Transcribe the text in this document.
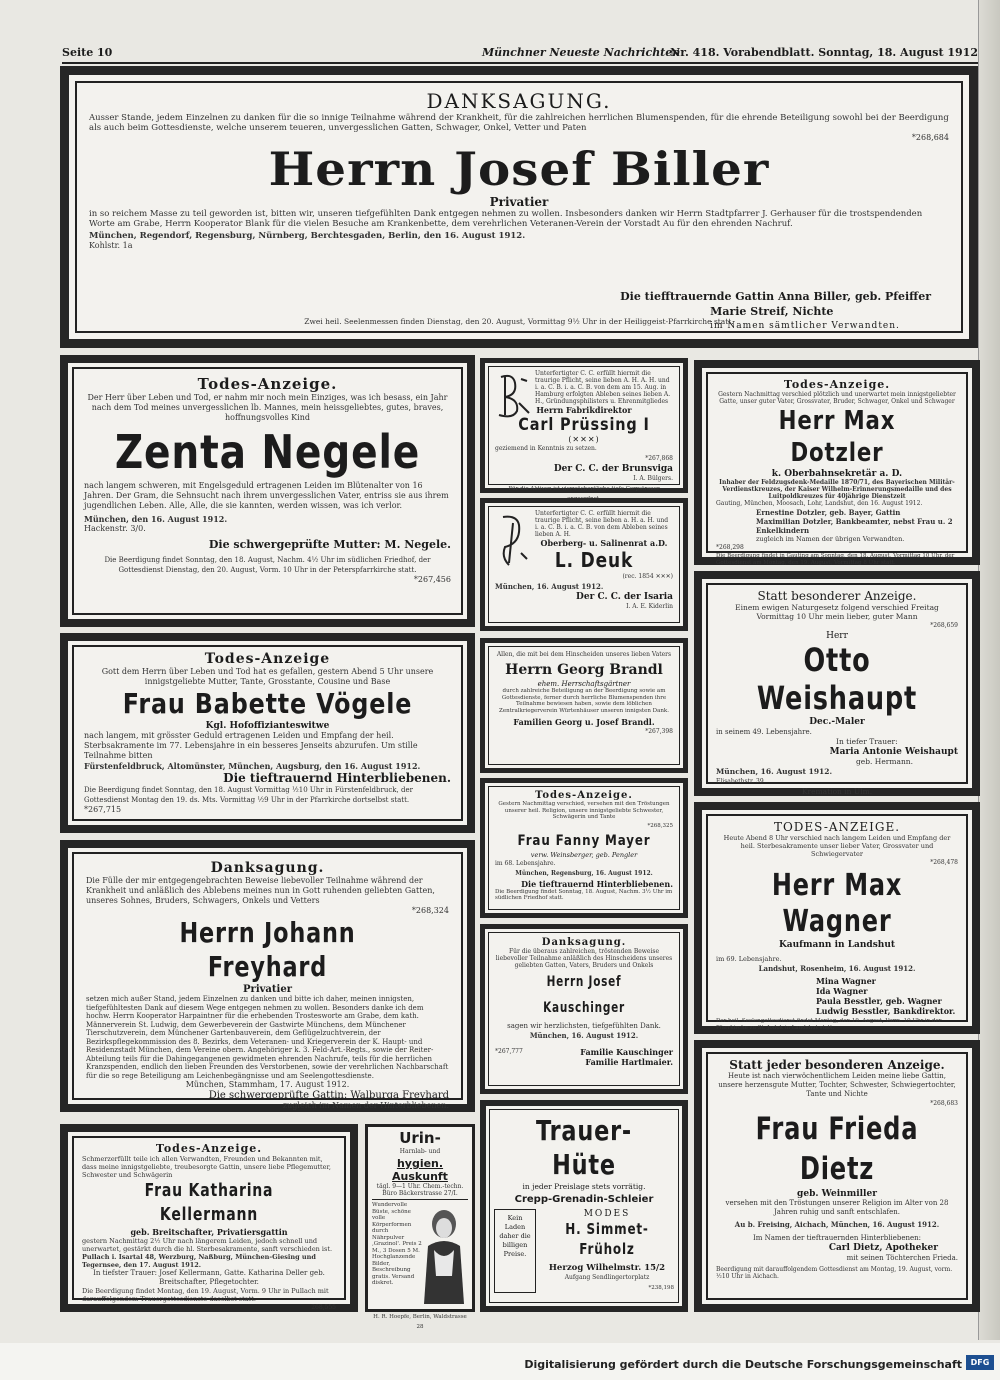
Seite 10	Münchner Neueste Nachrichten
Nr. 418. Vorabendblatt. Sonntag, 18. August 1912
DANKSAGUNG.
Ausser Stande, jedem Einzelnen zu danken für die so innige Teilnahme während der Krankheit, für die zahlreichen herrlichen Blumenspenden, für die ehrende Beteiligung sowohl bei der Beerdigung als auch beim Gottesdienste, welche unserem teueren, unvergesslichen Gatten, Schwager, Onkel, Vetter und Paten
*268,684
Herrn Josef Biller
Privatier
in so reichem Masse zu teil geworden ist, bitten wir, unseren tiefgefühlten Dank entgegen nehmen zu wollen. Insbesonders danken wir Herrn Stadtpfarrer J. Gerhauser für die trostspendenden Worte am Grabe, Herrn Kooperator Blank für die vielen Besuche am Krankenbette, dem verehrlichen Veteranen-Verein der Vorstadt Au für den ehrenden Nachruf.
München, Regendorf, Regensburg, Nürnberg, Berchtesgaden, Berlin, den 16. August 1912.
Kohlstr. 1a
Die tiefftrauernde Gattin Anna Biller, geb. Pfeiffer
Marie Streif, Nichte
im Namen sämtlicher Verwandten.
Zwei heil. Seelenmessen finden Dienstag, den 20. August, Vormittag 9½ Uhr in der Heiliggeist-Pfarrkirche statt.
Todes-Anzeige.
Der Herr über Leben und Tod, er nahm mir noch mein Einziges, was ich besass, ein Jahr nach dem Tod meines unvergesslichen lb. Mannes, mein heissgeliebtes, gutes, braves, hoffnungsvolles Kind
Zenta Negele
nach langem schweren, mit Engelsgeduld ertragenen Leiden im Blütenalter von 16 Jahren. Der Gram, die Sehnsucht nach ihrem unvergesslichen Vater, entriss sie aus ihrem jugendlichen Leben. Alle, Alle, die sie kannten, werden wissen, was ich verlor.
München, den 16. August 1912.
Hackenstr. 3/0.
Die schwergeprüfte Mutter: M. Negele.
Die Beerdigung findet Sonntag, den 18. August, Nachm. 4½ Uhr im südlichen Friedhof, der Gottesdienst Dienstag, den 20. August, Vorm. 10 Uhr in der Peterspfarrkirche statt.
*267,456
Todes-Anzeige
Gott dem Herrn über Leben und Tod hat es gefallen, gestern Abend 5 Uhr unsere innigstgeliebte Mutter, Tante, Grosstante, Cousine und Base
Frau Babette Vögele
Kgl. Hofoffizianteswitwe
nach langem, mit grösster Geduld ertragenen Leiden und Empfang der heil. Sterbsakramente im 77. Lebensjahre in ein besseres Jenseits abzurufen. Um stille Teilnahme bitten
Fürstenfeldbruck, Altomünster, München, Augsburg, den 16. August 1912.
Die tieftrauernd Hinterbliebenen.
Die Beerdigung findet Sonntag, den 18. August Vormittag ½10 Uhr in Fürstenfeldbruck, der Gottesdienst Montag den 19. ds. Mts. Vormittag ½9 Uhr in der Pfarrkirche dortselbst statt.
*267,715
Danksagung.
Die Fülle der mir entgegengebrachten Beweise liebevoller Teilnahme während der Krankheit und anläßlich des Ablebens meines nun in Gott ruhenden geliebten Gatten, unseres Sohnes, Bruders, Schwagers, Onkels und Vetters
*268,324
Herrn Johann Freyhard
Privatier
setzen mich außer Stand, jedem Einzelnen zu danken und bitte ich daher, meinen innigsten, tiefgefühltesten Dank auf diesem Wege entgegen nehmen zu wollen. Besonders danke ich dem hochw. Herrn Kooperator Harpaintner für die erhebenden Trostesworte am Grabe, dem kath. Männerverein St. Ludwig, dem Gewerbeverein der Gastwirte Münchens, dem Münchener Tierschutzverein, dem Münchener Gartenbauverein, dem Geflügelzuchtverein, der Bezirkspflegekommission des 8. Bezirks, dem Veteranen- und Kriegerverein der K. Haupt- und Residenzstadt München, dem Vereine obern. Angehöriger k. 3. Feld-Art.-Regts., sowie der Reiter-Abteilung teils für die Dahingegangenen gewidmeten ehrenden Nachrufe, teils für die herrlichen Kranzspenden, endlich den lieben Freunden des Verstorbenen, sowie der verehrlichen Nachbarschaft für die so rege Beteiligung am Leichenbegängnisse und am Seelengottesdienste.
München, Stammham, 17. August 1912.
Die schwergeprüfte Gattin: Walburga Freyhard
zugleich im Namen der Hinterbliebenen.
Todes-Anzeige.
Schmerzerfüllt teile ich allen Verwandten, Freunden und Bekannten mit, dass meine innigstgeliebte, treubesorgte Gattin, unsere liebe Pflegemutter, Schwester und Schwägerin
Frau Katharina Kellermann
geb. Breitschafter, Privatiersgattin
gestern Nachmittag 2½ Uhr nach längerem Leiden, jedoch schnell und unerwartet, gestärkt durch die hl. Sterbesakramente, sanft verschieden ist.
Pullach i. Isartal 48, Werzburg, Naßburg, München-Giesing und Tegernsee, den 17. August 1912.
In tiefster Trauer: Josef Kellermann, Gatte. Katharina Deller geb. Breitschafter, Pflegetochter.
Die Beerdigung findet Montag, den 19. August, Vorm. 9 Uhr in Pullach mit darauffolgendem Trauergottesdienste daselbst statt.
268,555
Urin-
Harnlab- und
hygien. Auskunft
tägl. 9—1 Uhr. Chem.-techn. Büro Bäckerstrasse 27/I.
Wundervolle Büste, schöne volle Körperformen durch Nährpulver ‚Grazinol'. Preis 2 M., 3 Dosen 5 M. Hochglanzende Bilder, Beschreibung gratis. Versand diskret.
H. R. Hoepfe, Berlin, Waldstrasse 28
Unterfertigter C. C. erfüllt hiermit die traurige Pflicht, seine lieben A. H. A. H. und i. a. C. B. i. a. C. B. von dem am 15. Aug. in Hamburg erfolgten Ableben seines lieben A. H., Gründungsphilisters u. Ehrenmitgliedes
Herrn Fabrikdirektor
Carl Prüssing I
(✕✕✕)
geziemend in Kenntnis zu setzen.
*267,868
Der C. C. der Brunsviga
I. A. Bülgers.
Für die Aktiven ist vierwöchentliche tiefe Corpstrauer
Unterfertigter C. C. erfüllt hiermit die traurige Pflicht, seine lieben a. H. a. H. und i. a. C. B. i. a. C. B. von dem Ableben seines lieben A. H.
Oberberg- u. Salinenrat a.D.
L. Deuk
(rec. 1854 ✕✕✕)
München, 16. August 1912.
Der C. C. der Isaria
I. A. E. Kiderlin
Allen, die mit bei dem Hinscheiden unseres lieben Vaters
Herrn Georg Brandl
ehem. Herrschaftsgärtner
durch zahlreiche Beteiligung an der Beerdigung sowie am Gottesdienste, ferner durch herrliche Blumenspenden ihre Teilnahme bewiesen haben, sowie dem löblichen Zentralkriegerverein Würtenhäuser unseren innigsten Dank.
Familien Georg u. Josef Brandl.
*267,398
Todes-Anzeige.
Gestern Nachmittag verschied, versehen mit den Tröstungen unserer heil. Religion, unsere innigstgeliebte Schwester, Schwägerin und Tante
*268,325
Frau Fanny Mayer
verw. Weinsberger, geb. Pengler
im 68. Lebensjahre.
München, Regensburg, 16. August 1912.
Die tieftrauernd Hinterbliebenen.
Die Beerdigung findet Sonntag, 18. August, Nachm. 3½ Uhr im südlichen Friedhof statt.
Danksagung.
Für die überaus zahlreichen, tröstenden Beweise liebevoller Teilnahme anläßlich des Hinscheidens unseres geliebten Gatten, Vaters, Bruders und Onkels
Herrn Josef Kauschinger
sagen wir herzlichsten, tiefgefühlten Dank.
München, 16. August 1912.
*267,777	Familie Kauschinger
Familie Hartlmaier.
Trauer-Hüte
in jeder Preislage stets vorrätig.
Crepp-Grenadin-Schleier
Kein
Laden
daher die
billigen
Preise.
MODES
H. Simmet-Früholz
Herzog Wilhelmstr. 15/2
Aufgang Sendlingertorplatz
*238,198
Todes-Anzeige.
Gestern Nachmittag verschied plötzlich und unerwartet mein innigstgeliebter Gatte, unser guter Vater, Grossvater, Bruder, Schwager, Onkel und Schwager
Herr Max Dotzler
k. Oberbahnsekretär a. D.
Inhaber der Feldzugsdenk-Medaille 1870/71, des Bayerischen Militär-Verdienstkreuzes, der Kaiser Wilhelm-Erinnerungsmedaille und des Luitpoldkreuzes für 40jährige Dienstzeit
Gauting, München, Moosach, Lohr, Landshut, den 16. August 1912.
Ernestine Dotzler, geb. Bayer, Gattin
Maximilian Dotzler, Bankbeamter, nebst Frau u. 2 Enkelkindern
zugleich im Namen der übrigen Verwandten.
*268,298
Die Beerdigung findet in Gauting am Sonntag, den 18. August, Vormittag 10 Uhr, der Gottesdienst am Montag, den 19. August, Vormittag 8 Uhr statt.
Statt besonderer Anzeige.
Einem ewigen Naturgesetz folgend verschied Freitag Vormittag 10 Uhr mein lieber, guter Mann
*268,659
Herr
Otto Weishaupt
Dec.-Maler
in seinem 49. Lebensjahre.
In tiefer Trauer:
Maria Antonie Weishaupt
geb. Hermann.
München, 16. August 1912.
Elisabethstr. 39
Kremation in Ulm.
TODES-ANZEIGE.
Heute Abend 8 Uhr verschied nach langem Leiden und Empfang der heil. Sterbesakramente unser lieber Vater, Grossvater und Schwiegervater
*268,478
Herr Max Wagner
Kaufmann in Landshut
im 69. Lebensjahre.
Landshut, Rosenheim, 16. August 1912.
Mina Wagner
Ida Wagner
Paula Besstler, geb. Wagner
Ludwig Besstler, Bankdirektor.
Der heil. Seelengottesdienst findet Montag, den 19. August, Vorm. 10 Uhr in der Pfarrkirche zu St. Jodok in Landshut statt.
Statt jeder besonderen Anzeige.
Heute ist nach vierwöchentlichem Leiden meine liebe Gattin, unsere herzensgute Mutter, Tochter, Schwester, Schwiegertochter, Tante und Nichte
*268,683
Frau Frieda Dietz
geb. Weinmiller
versehen mit den Tröstungen unserer Religion im Alter von 28 Jahren ruhig und sanft entschlafen.
Au b. Freising, Aichach, München, 16. August 1912.
Im Namen der tieftrauernden Hinterbliebenen:
Carl Dietz, Apotheker
mit seinen Töchterchen Frieda.
Beerdigung mit darauffolgendem Gottesdienst am Montag, 19. August, vorm. ½10 Uhr in Aichach.
Digitalisierung gefördert durch die Deutsche Forschungsgemeinschaft	DFG
